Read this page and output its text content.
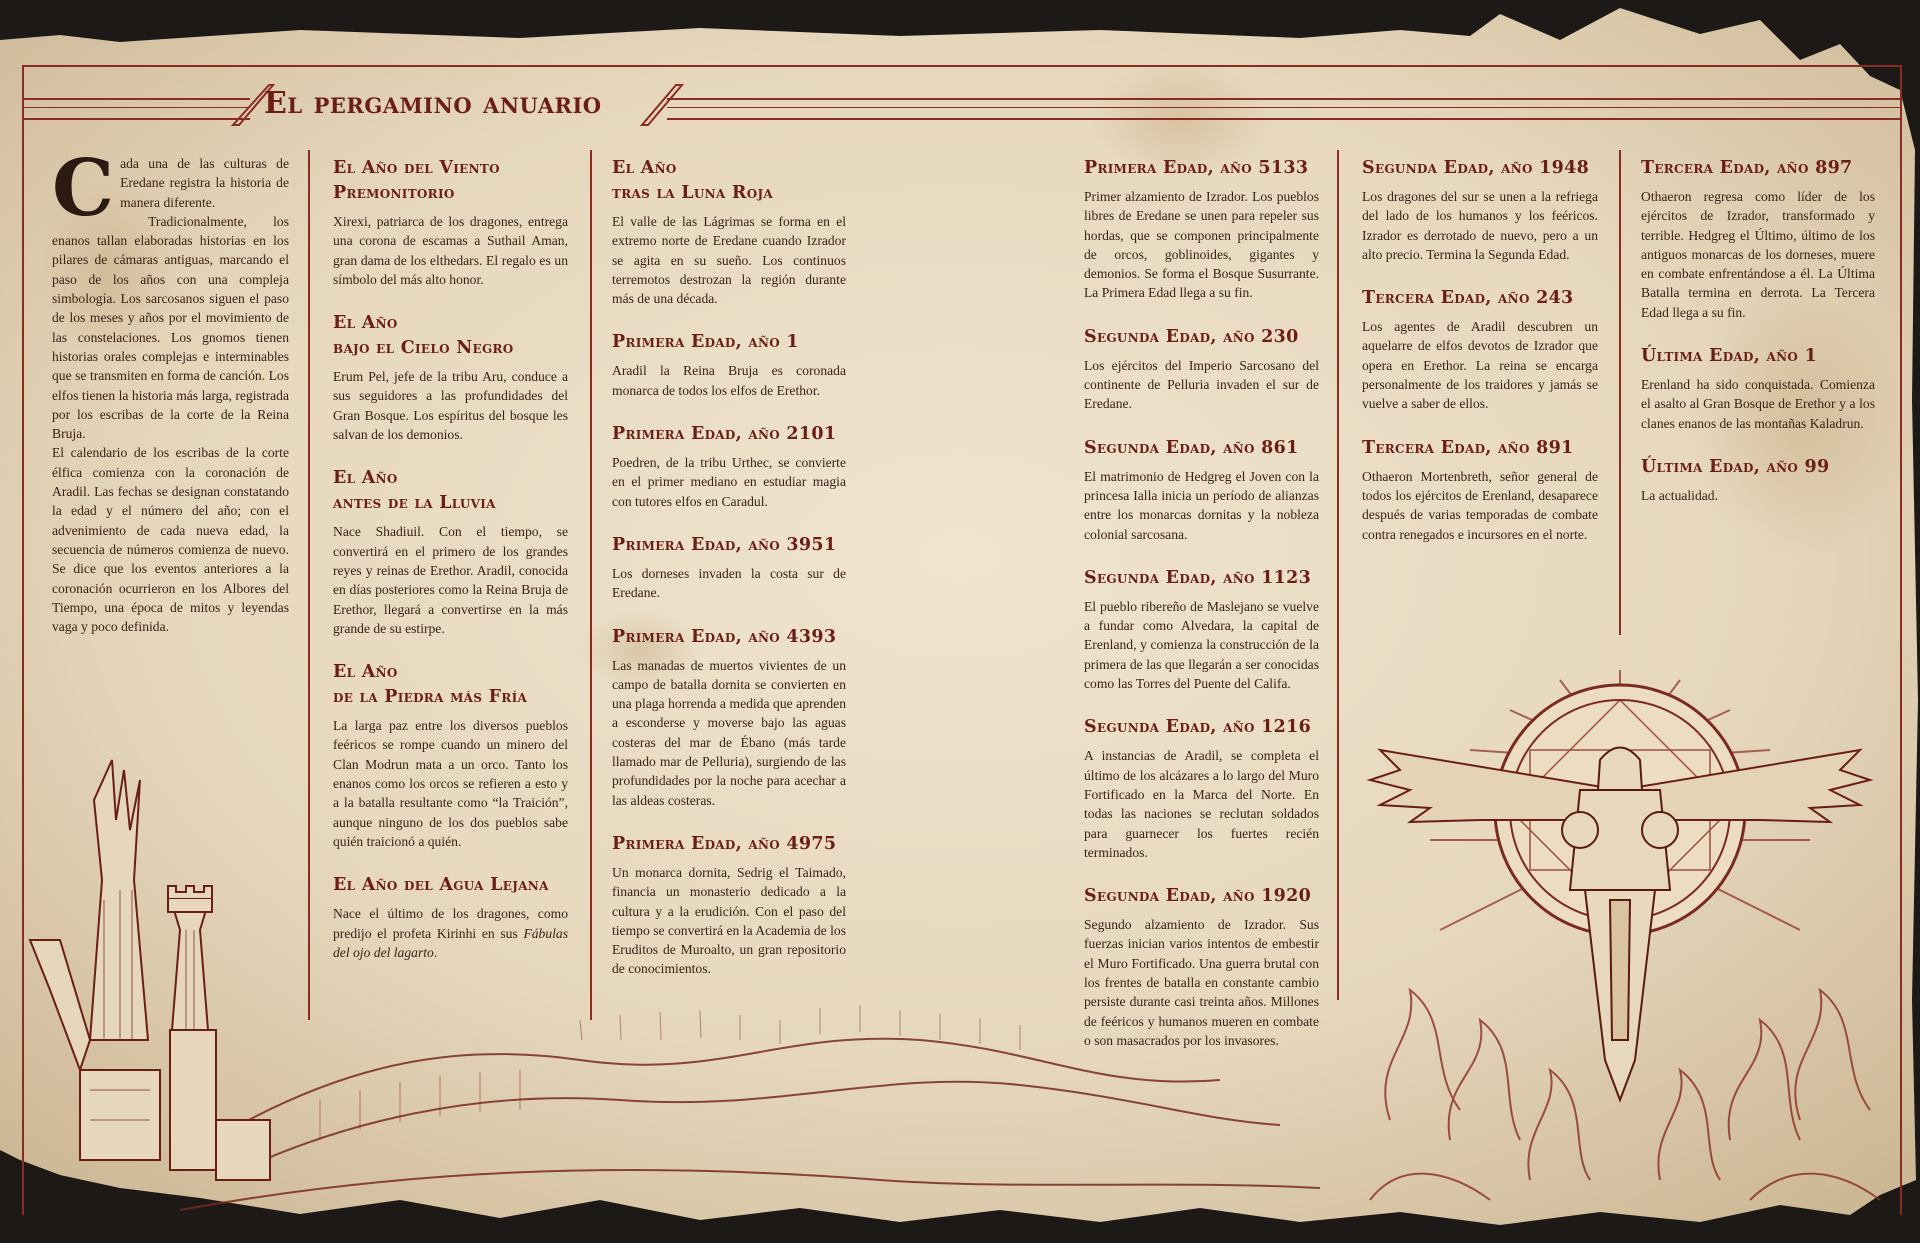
El pergamino anuario
C ada una de las culturas de Eredane registra la historia de manera diferente.

Tradicionalmente, los enanos tallan elaboradas historias en los pilares de cámaras antiguas, marcando el paso de los años con una compleja simbología. Los sarcosanos siguen el paso de los meses y años por el movimiento de las constelaciones. Los gnomos tienen historias orales complejas e interminables que se transmiten en forma de canción. Los elfos tienen la historia más larga, registrada por los escribas de la corte de la Reina Bruja.

El calendario de los escribas de la corte élfica comienza con la coronación de Aradil. Las fechas se designan constatando la edad y el número del año; con el advenimiento de cada nueva edad, la secuencia de números comienza de nuevo. Se dice que los eventos anteriores a la coronación ocurrieron en los Albores del Tiempo, una época de mitos y leyendas vaga y poco definida.

El Año del Viento
Premonitorio

Xirexi, patriarca de los dragones, entrega una corona de escamas a Suthail Aman, gran dama de los elthedars. El regalo es un símbolo del más alto honor.

El Año
bajo el Cielo Negro

Erum Pel, jefe de la tribu Aru, conduce a sus seguidores a las profundidades del Gran Bosque. Los espíritus del bosque les salvan de los demonios.

El Año
antes de la Lluvia

Nace Shadiuil. Con el tiempo, se convertirá en el primero de los grandes reyes y reinas de Erethor. Aradil, conocida en días posteriores como la Reina Bruja de Erethor, llegará a convertirse en la más grande de su estirpe.

El Año
de la Piedra más Fría

La larga paz entre los diversos pueblos feéricos se rompe cuando un minero del Clan Modrun mata a un orco. Tanto los enanos como los orcos se refieren a esto y a la batalla resultante como “la Traición”, aunque ninguno de los dos pueblos sabe quién traicionó a quién.

El Año del Agua Lejana

Nace el último de los dragones, como predijo el profeta Kirinhi en sus Fábulas del ojo del lagarto.

El Año
tras la Luna Roja

El valle de las Lágrimas se forma en el extremo norte de Eredane cuando Izrador se agita en su sueño. Los continuos terremotos destrozan la región durante más de una década.

Primera Edad, año 1

Aradil la Reina Bruja es coronada monarca de todos los elfos de Erethor.

Primera Edad, año 2101

Poedren, de la tribu Urthec, se convierte en el primer mediano en estudiar magia con tutores elfos en Caradul.

Primera Edad, año 3951

Los dorneses invaden la costa sur de Eredane.

Primera Edad, año 4393

Las manadas de muertos vivientes de un campo de batalla dornita se convierten en una plaga horrenda a medida que aprenden a esconderse y moverse bajo las aguas costeras del mar de Ébano (más tarde llamado mar de Pelluria), surgiendo de las profundidades por la noche para acechar a las aldeas costeras.

Primera Edad, año 4975

Un monarca dornita, Sedrig el Taimado, financia un monasterio dedicado a la cultura y a la erudición. Con el paso del tiempo se convertirá en la Academia de los Eruditos de Muroalto, un gran repositorio de conocimientos.

Primera Edad, año 5133

Primer alzamiento de Izrador. Los pueblos libres de Eredane se unen para repeler sus hordas, que se componen principalmente de orcos, goblinoides, gigantes y demonios. Se forma el Bosque Susurrante. La Primera Edad llega a su fin.

Segunda Edad, año 230

Los ejércitos del Imperio Sarcosano del continente de Pelluria invaden el sur de Eredane.

Segunda Edad, año 861

El matrimonio de Hedgreg el Joven con la princesa Ialla inicia un período de alianzas entre los monarcas dornitas y la nobleza colonial sarcosana.

Segunda Edad, año 1123

El pueblo ribereño de Maslejano se vuelve a fundar como Alvedara, la capital de Erenland, y comienza la construcción de la primera de las que llegarán a ser conocidas como las Torres del Puente del Califa.

Segunda Edad, año 1216

A instancias de Aradil, se completa el último de los alcázares a lo largo del Muro Fortificado en la Marca del Norte. En todas las naciones se reclutan soldados para guarnecer los fuertes recién terminados.

Segunda Edad, año 1920

Segundo alzamiento de Izrador. Sus fuerzas inician varios intentos de embestir el Muro Fortificado. Una guerra brutal con los frentes de batalla en constante cambio persiste durante casi treinta años. Millones de feéricos y humanos mueren en combate o son masacrados por los invasores.

Segunda Edad, año 1948

Los dragones del sur se unen a la refriega del lado de los humanos y los feéricos. Izrador es derrotado de nuevo, pero a un alto precio. Termina la Segunda Edad.

Tercera Edad, año 243

Los agentes de Aradil descubren un aquelarre de elfos devotos de Izrador que opera en Erethor. La reina se encarga personalmente de los traidores y jamás se vuelve a saber de ellos.

Tercera Edad, año 891

Othaeron Mortenbreth, señor general de todos los ejércitos de Erenland, desaparece después de varias temporadas de combate contra renegados e incursores en el norte.

Tercera Edad, año 897

Othaeron regresa como líder de los ejércitos de Izrador, transformado y terrible. Hedgreg el Último, último de los antiguos monarcas de los dorneses, muere en combate enfrentándose a él. La Última Batalla termina en derrota. La Tercera Edad llega a su fin.

Última Edad, año 1

Erenland ha sido conquistada. Comienza el asalto al Gran Bosque de Erethor y a los clanes enanos de las montañas Kaladrun.

Última Edad, año 99

La actualidad.
